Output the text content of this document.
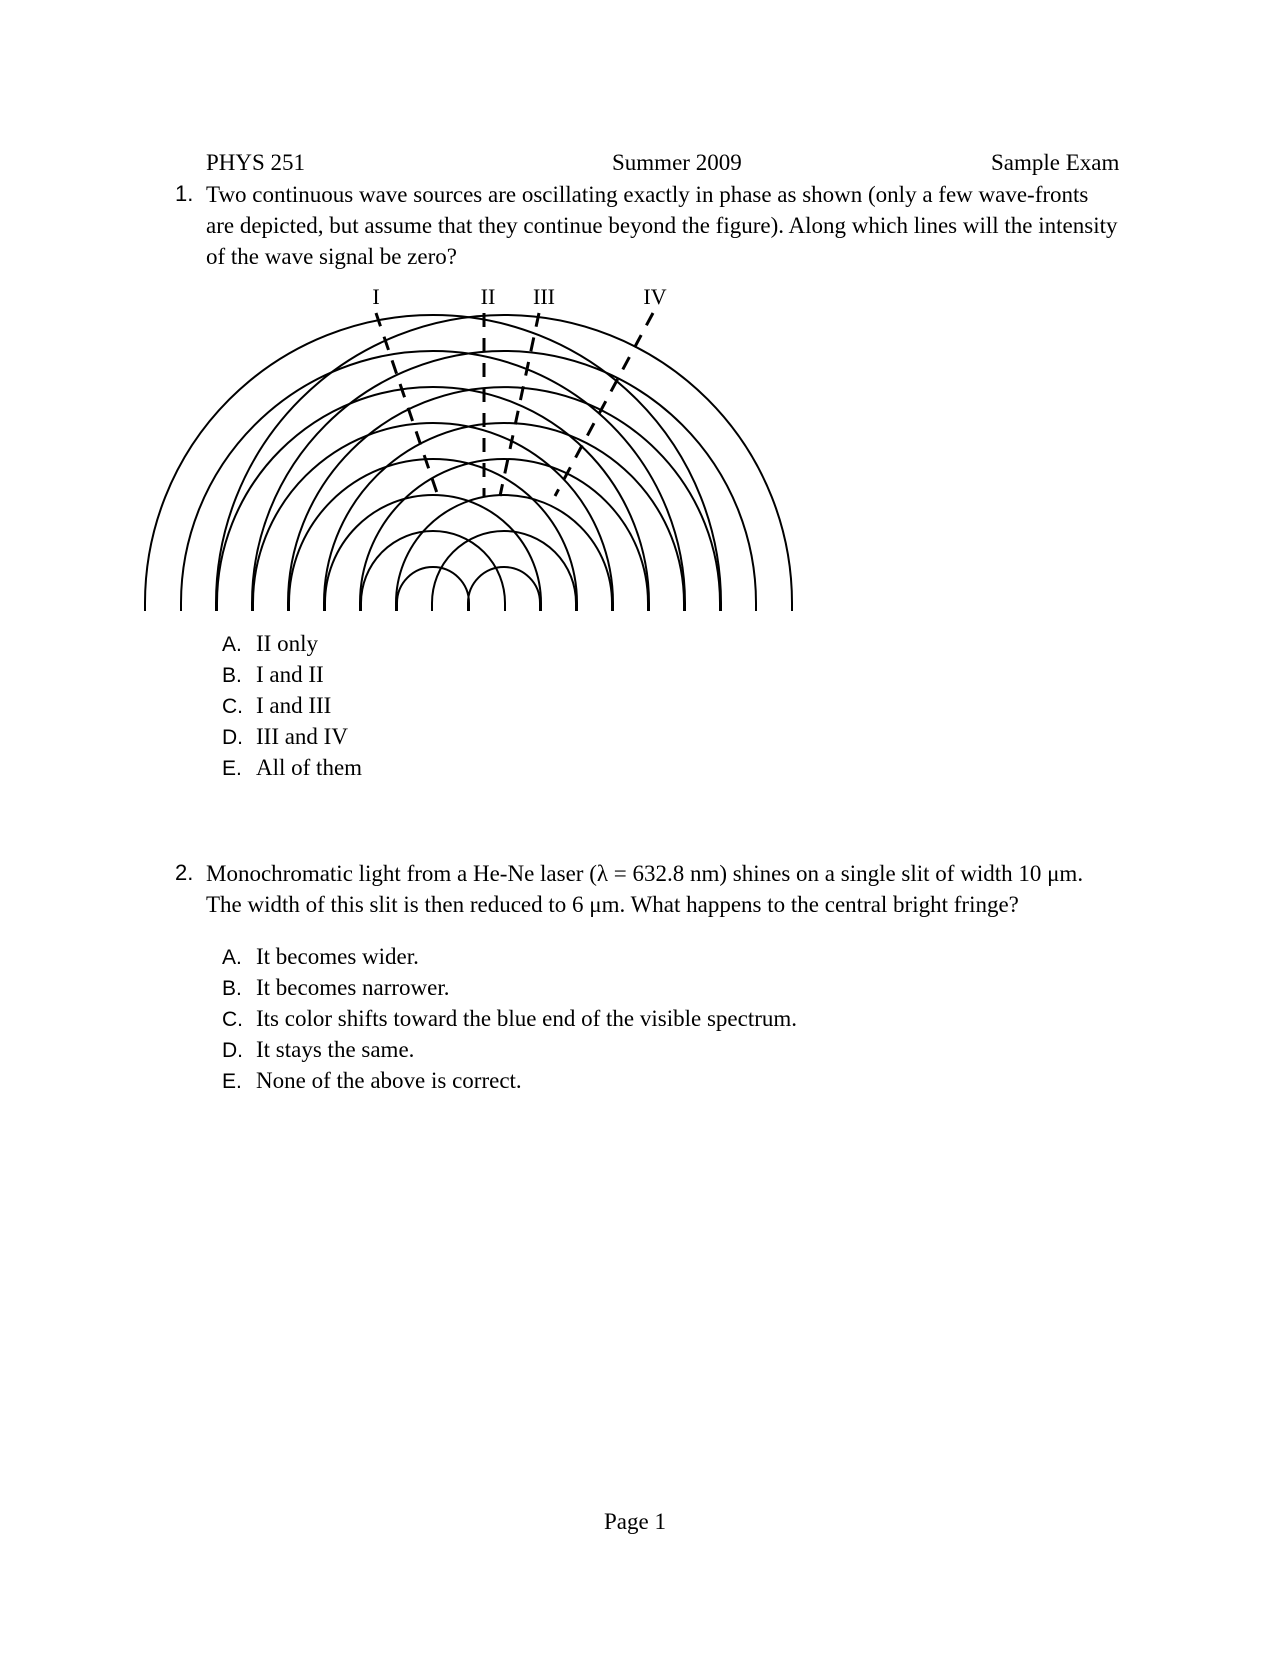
PHYS 251	Summer 2009	Sample Exam
1. Two continuous wave sources are oscillating exactly in phase as shown (only a few wave-fronts
are depicted, but assume that they continue beyond the figure). Along which lines will the intensity
of the wave signal be zero?
I	II III	IV
A. II only
B. I and II
C. I and III
D. III and IV
E. All of them
2. Monochromatic light from a He-Ne laser (λ = 632.8 nm) shines on a single slit of width 10 μm.
The width of this slit is then reduced to 6 μm. What happens to the central bright fringe?
A. It becomes wider.
B. It becomes narrower.
C. Its color shifts toward the blue end of the visible spectrum.
D. It stays the same.
E. None of the above is correct.
Page 1
